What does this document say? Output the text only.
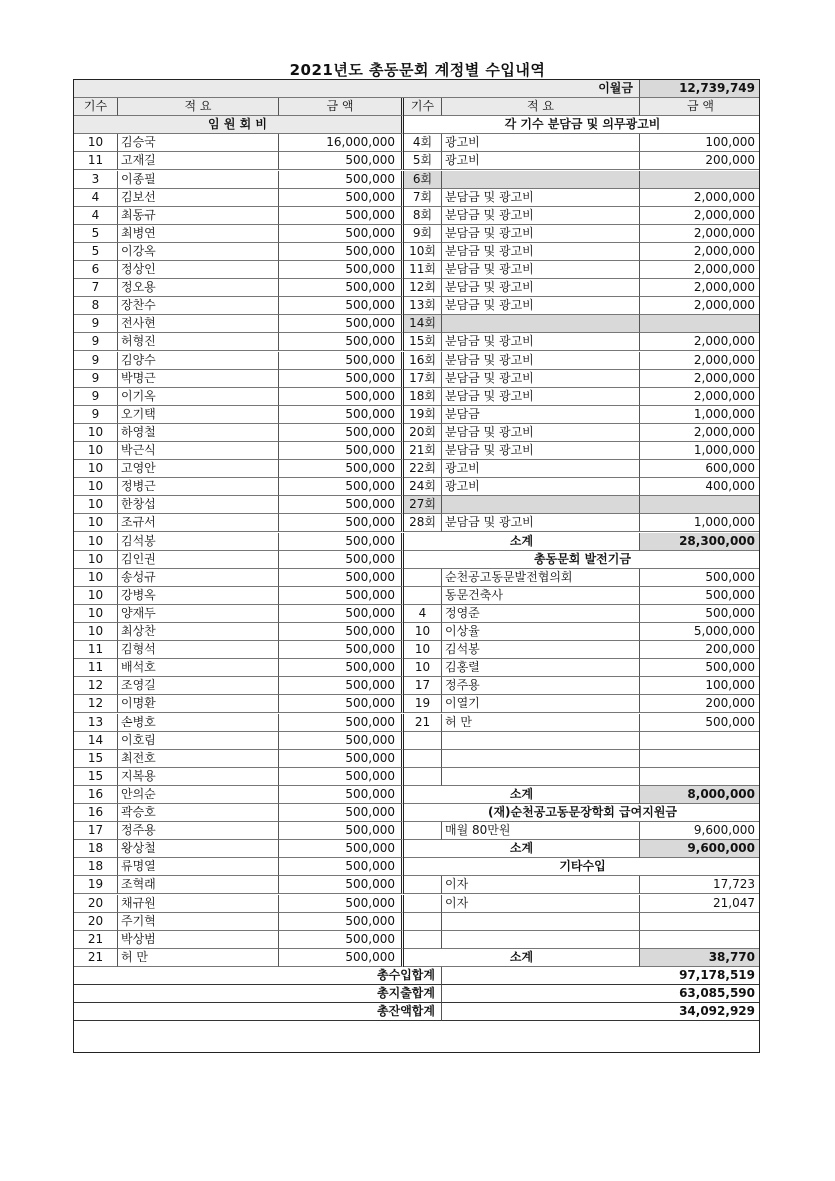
2021년도 총동문회 계정별 수입내역
이월금	12,739,749
기수	적 요	금 액	기수	적 요	금 액
임 원 회 비	각 기수 분담금 및 의무광고비
10	김승국	16,000,000	4회	광고비	100,000
11	고재길	500,000	5회	광고비	200,000
3	이종필	500,000	6회
4	김보선	500,000	7회	분담금 및 광고비	2,000,000
4	최동규	500,000	8회	분담금 및 광고비	2,000,000
5	최병연	500,000	9회	분담금 및 광고비	2,000,000
5	이강옥	500,000	10회 분담금 및 광고비	2,000,000
6	정상인	500,000	11회 분담금 및 광고비	2,000,000
7	정오용	500,000	12회 분담금 및 광고비	2,000,000
8	장찬수	500,000	13회 분담금 및 광고비	2,000,000
9	전사현	500,000	14회
9	허형진	500,000	15회 분담금 및 광고비	2,000,000
9	김양수	500,000	16회 분담금 및 광고비	2,000,000
9	박명근	500,000	17회 분담금 및 광고비	2,000,000
9	이기옥	500,000	18회 분담금 및 광고비	2,000,000
9	오기택	500,000	19회 분담금	1,000,000
10	하영철	500,000	20회 분담금 및 광고비	2,000,000
10	박근식	500,000	21회 분담금 및 광고비	1,000,000
10	고영안	500,000	22회 광고비	600,000
10	정병근	500,000	24회 광고비	400,000
10	한창섭	500,000	27회
10	조규서	500,000	28회 분담금 및 광고비	1,000,000
10	김석봉	500,000	소계	28,300,000
10	김인권	500,000	총동문회 발전기금
10	송성규	500,000	순천공고동문발전협의회	500,000
10	강병옥	500,000	동문건축사	500,000
10	양재두	500,000	4	정영준	500,000
10	최상찬	500,000	10	이상율	5,000,000
11	김형석	500,000	10	김석봉	200,000
11	배석호	500,000	10	김홍렬	500,000
12	조영길	500,000	17	정주용	100,000
12	이명환	500,000	19	이열기	200,000
13	손병호	500,000	21	허 만	500,000
14	이호림	500,000
15	최전호	500,000
15	지복용	500,000
16	안의순	500,000	소계	8,000,000
16	곽승호	500,000	(재)순천공고동문장학회 급여지원금
17	정주용	500,000	매월 80만원	9,600,000
18	왕상철	500,000	소계	9,600,000
18	류명열	500,000	기타수입
19	조혁래	500,000	이자	17,723
20	채규원	500,000	이자	21,047
20	주기혁	500,000
21	박상범	500,000
21	허 만	500,000	소계	38,770
총수입합계	97,178,519
총지출합계	63,085,590
총잔액합계	34,092,929
